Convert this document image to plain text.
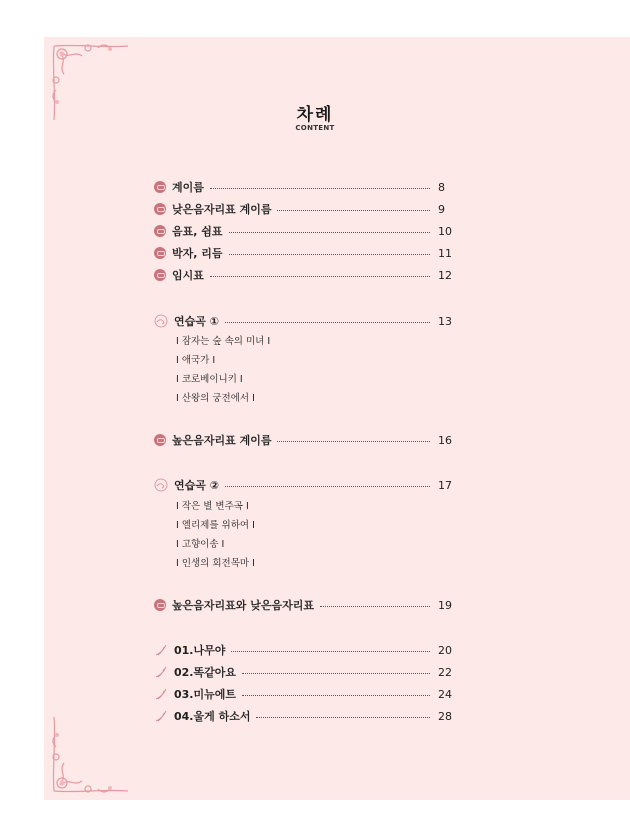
차례
CONTENT
계이름	8
낮은음자리표 계이름	9
음표, 쉼표	10
박자, 리듬	11
임시표	12
연습곡 ①	13
I 잠자는 숲 속의 미녀 I
I 애국가 I
I 코로베이니키 I
I 산왕의 궁전에서 I
높은음자리표 계이름	16
연습곡 ②	17
I 작은 별 변주곡 I
I 엘리제를 위하여 I
I 고향이송 I
I 인생의 회전목마 I
높은음자리표와 낮은음자리표	19
01.나무야	20
02.똑같아요	22
03.미뉴에트	24
04.울게 하소서	28
